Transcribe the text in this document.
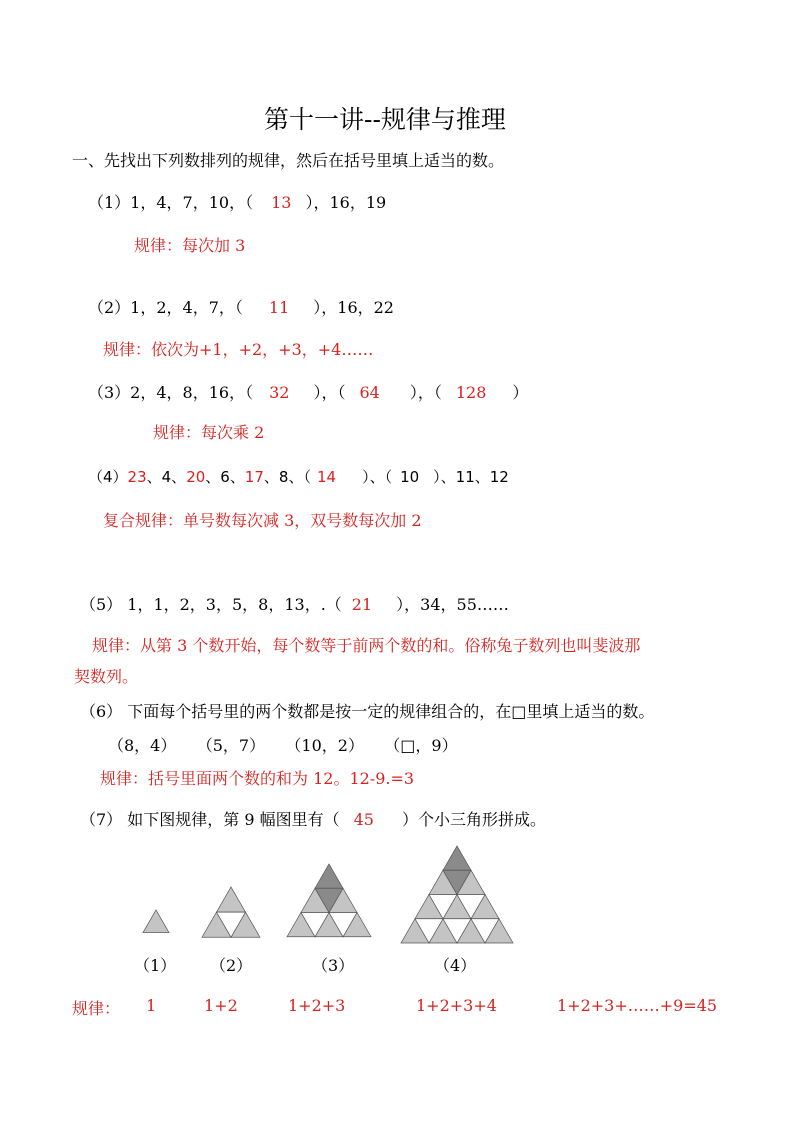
第十一讲--规律与推理
一、先找出下列数排列的规律，然后在括号里填上适当的数。
（1）1，4，7，10，（ 13 ），16，19
规律：每次加 3
（2）1，2，4，7，（ 11 ），16，22
规律：依次为+1，+2，+3，+4……
（3）2，4，8，16，（ 32 ），（ 64 ），（ 128 ）
规律：每次乘 2
（4）23、4、20、6、17、8、（ 14 ）、（ 10 ）、11、12
复合规律：单号数每次减 3，双号数每次加 2
（5） 1，1，2，3，5，8，13，.（ 21 ），34，55……
规律：从第 3 个数开始，每个数等于前两个数的和。俗称兔子数列也叫斐波那
契数列。
（6） 下面每个括号里的两个数都是按一定的规律组合的，在□里填上适当的数。
（8，4）    （5，7）    （10，2）    （□，9）
规律：括号里面两个数的和为 12。12-9.=3
（7） 如下图规律，第 9 幅图里有（ 45 ）个小三角形拼成。
（1） （2）	（3）	（4）
规律： 1	1+2	1+2+3	1+2+3+4	1+2+3+……+9=45
